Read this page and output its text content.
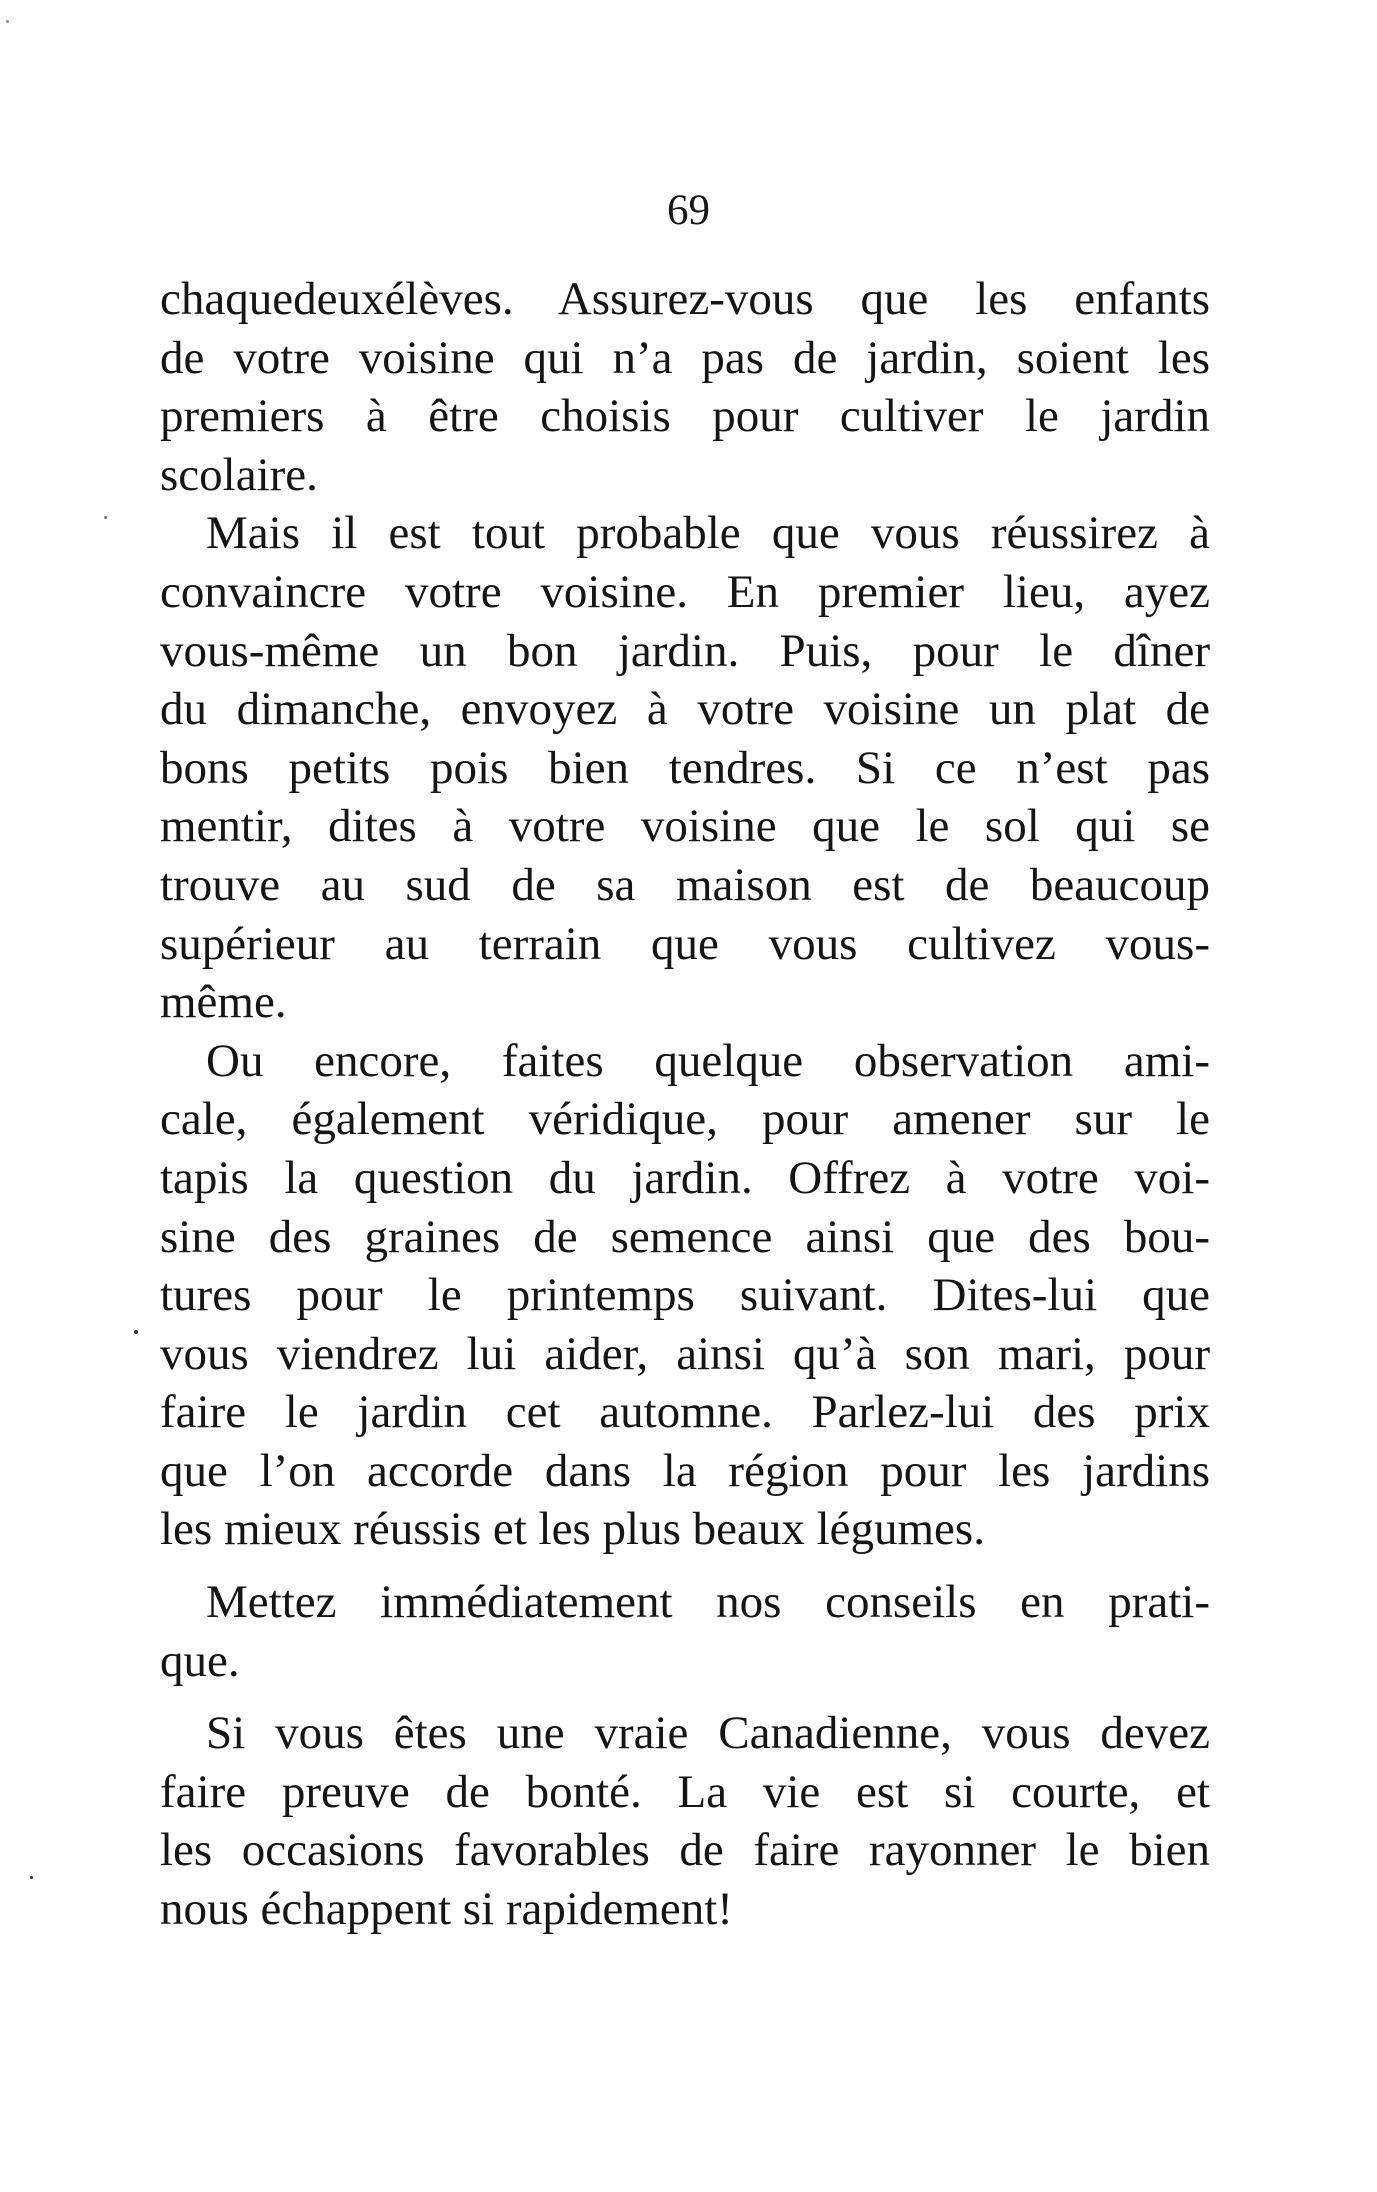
69

chaquedeuxélèves. Assurez-vous que les enfants
de votre voisine qui n’a pas de jardin, soient les
premiers à être choisis pour cultiver le jardin
scolaire.

Mais il est tout probable que vous réussirez à
convaincre votre voisine. En premier lieu, ayez
vous-même un bon jardin. Puis, pour le dîner
du dimanche, envoyez à votre voisine un plat de
bons petits pois bien tendres. Si ce n’est pas
mentir, dites à votre voisine que le sol qui se
trouve au sud de sa maison est de beaucoup
supérieur au terrain que vous cultivez vous-
même.

Ou encore, faites quelque observation ami-
cale, également véridique, pour amener sur le
tapis la question du jardin. Offrez à votre voi-
sine des graines de semence ainsi que des bou-
tures pour le printemps suivant. Dites-lui que
vous viendrez lui aider, ainsi qu’à son mari, pour
faire le jardin cet automne. Parlez-lui des prix
que l’on accorde dans la région pour les jardins
les mieux réussis et les plus beaux légumes.

Mettez immédiatement nos conseils en prati-
que.

Si vous êtes une vraie Canadienne, vous devez
faire preuve de bonté. La vie est si courte, et
les occasions favorables de faire rayonner le bien
nous échappent si rapidement!
